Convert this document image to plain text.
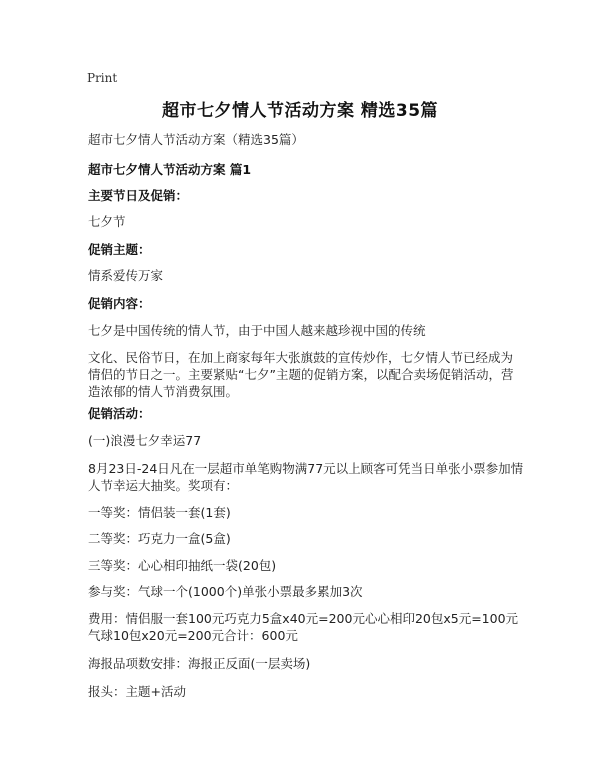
Print
超市七夕情人节活动方案 精选35篇
超市七夕情人节活动方案（精选35篇）
超市七夕情人节活动方案 篇1
主要节日及促销：
七夕节
促销主题：
情系爱传万家
促销内容：
七夕是中国传统的情人节，由于中国人越来越珍视中国的传统
文化、民俗节日，在加上商家每年大张旗鼓的宣传炒作，七夕情人节已经成为情侣的节日之一。主要紧贴“七夕”主题的促销方案，以配合卖场促销活动，营造浓郁的情人节消费氛围。
促销活动：
(一)浪漫七夕幸运77
8月23日-24日凡在一层超市单笔购物满77元以上顾客可凭当日单张小票参加情人节幸运大抽奖。奖项有：
一等奖：情侣装一套(1套)
二等奖：巧克力一盒(5盒)
三等奖：心心相印抽纸一袋(20包)
参与奖：气球一个(1000个)单张小票最多累加3次
费用：情侣服一套100元巧克力5盒x40元=200元心心相印20包x5元=100元气球10包x20元=200元合计：600元
海报品项数安排：海报正反面(一层卖场)
报头：主题+活动
